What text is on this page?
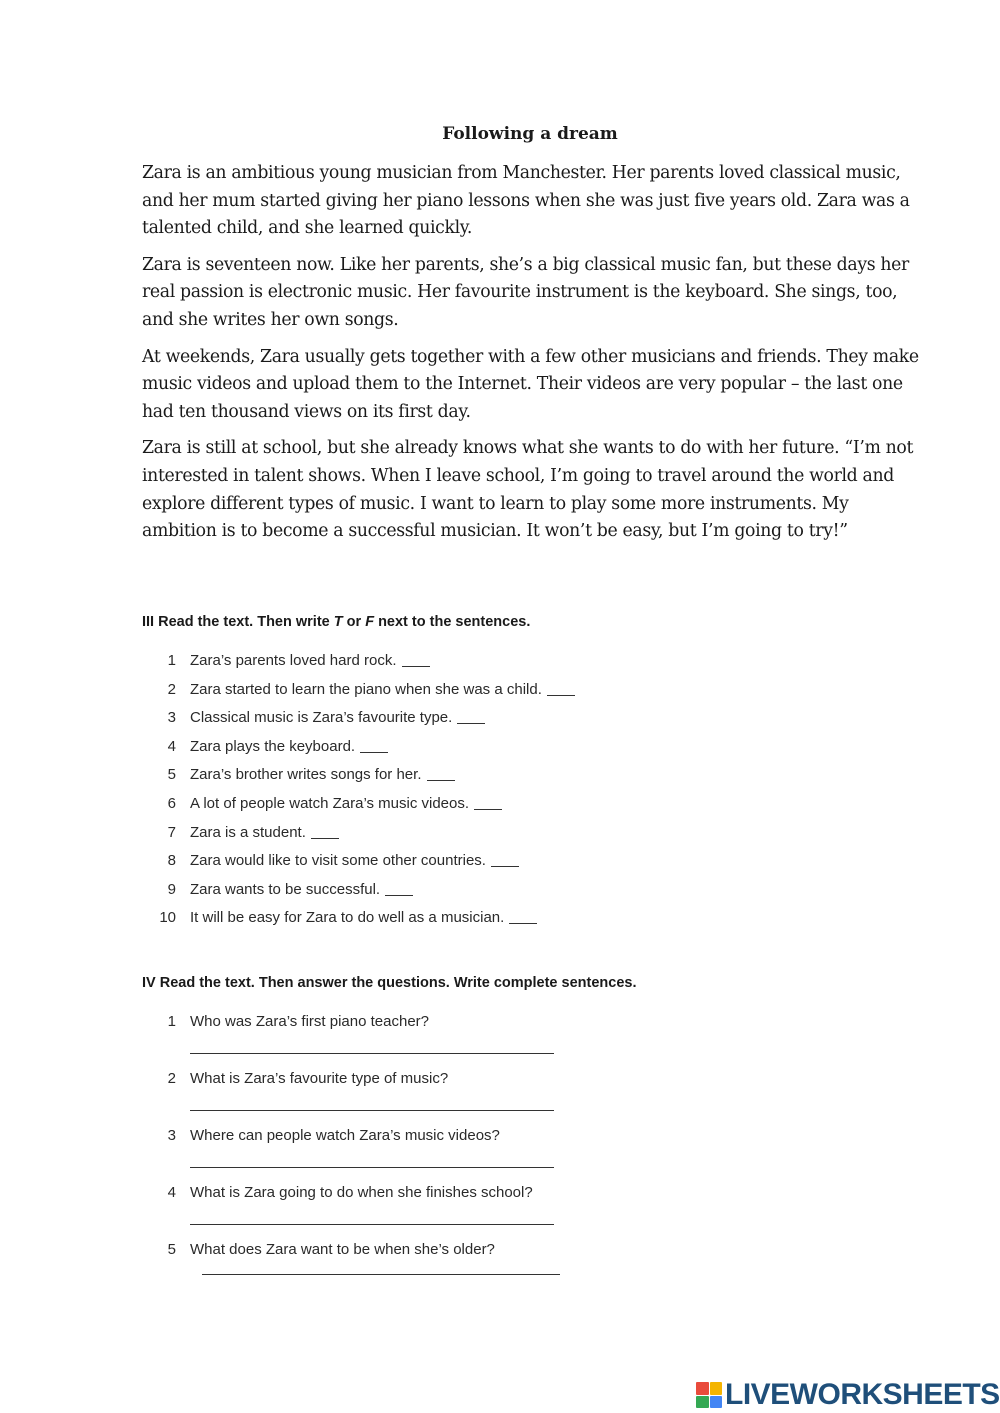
Following a dream

Zara is an ambitious young musician from Manchester. Her parents loved classical music, and her mum started giving her piano lessons when she was just five years old. Zara was a talented child, and she learned quickly.

Zara is seventeen now. Like her parents, she’s a big classical music fan, but these days her real passion is electronic music. Her favourite instrument is the keyboard. She sings, too, and she writes her own songs.

At weekends, Zara usually gets together with a few other musicians and friends. They make music videos and upload them to the Internet. Their videos are very popular – the last one had ten thousand views on its first day.

Zara is still at school, but she already knows what she wants to do with her future. “I’m not interested in talent shows. When I leave school, I’m going to travel around the world and explore different types of music. I want to learn to play some more instruments. My ambition is to become a successful musician. It won’t be easy, but I’m going to try!”

III Read the text. Then write T or F next to the sentences.
1 Zara’s parents loved hard rock.
2 Zara started to learn the piano when she was a child.
3 Classical music is Zara’s favourite type.
4 Zara plays the keyboard.
5 Zara’s brother writes songs for her.
6 A lot of people watch Zara’s music videos.
7 Zara is a student.
8 Zara would like to visit some other countries.
9 Zara wants to be successful.
10 It will be easy for Zara to do well as a musician.
IV Read the text. Then answer the questions. Write complete sentences.
1 Who was Zara’s first piano teacher?
2 What is Zara’s favourite type of music?
3 Where can people watch Zara’s music videos?
4 What is Zara going to do when she finishes school?
5 What does Zara want to be when she’s older?
LIVEWORKSHEETS
